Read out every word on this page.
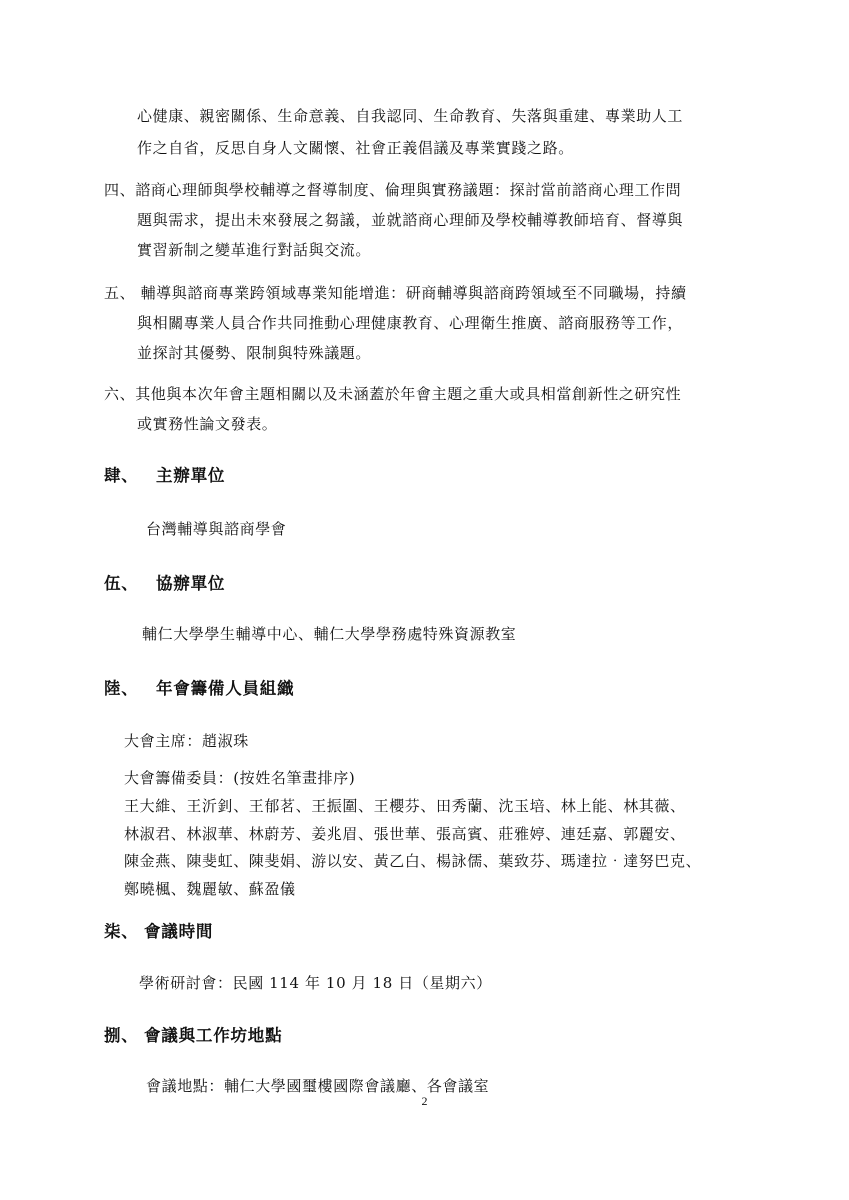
心健康、親密關係、生命意義、自我認同、生命教育、失落與重建、專業助人工
作之自省，反思自身人文關懷、社會正義倡議及專業實踐之路。
四、諮商心理師與學校輔導之督導制度、倫理與實務議題：探討當前諮商心理工作問
題與需求，提出未來發展之芻議，並就諮商心理師及學校輔導教師培育、督導與
實習新制之變革進行對話與交流。
五、 輔導與諮商專業跨領域專業知能增進：研商輔導與諮商跨領域至不同職場，持續
與相關專業人員合作共同推動心理健康教育、心理衛生推廣、諮商服務等工作，
並探討其優勢、限制與特殊議題。
六、其他與本次年會主題相關以及未涵蓋於年會主題之重大或具相當創新性之研究性
或實務性論文發表。
肆、 主辦單位
台灣輔導與諮商學會
伍、 協辦單位
輔仁大學學生輔導中心、輔仁大學學務處特殊資源教室
陸、 年會籌備人員組織
大會主席：趙淑珠
大會籌備委員：(按姓名筆畫排序)
王大維、王沂釗、王郁茗、王振圍、王櫻芬、田秀蘭、沈玉培、林上能、林其薇、
林淑君、林淑華、林蔚芳、姜兆眉、張世華、張高賓、莊雅婷、連廷嘉、郭麗安、
陳金燕、陳斐虹、陳斐娟、游以安、黃乙白、楊詠儒、葉致芬、瑪達拉‧達努巴克、
鄭曉楓、魏麗敏、蘇盈儀
柒、 會議時間
學術研討會：民國 114 年 10 月 18 日（星期六）
捌、 會議與工作坊地點
會議地點：輔仁大學國璽樓國際會議廳、各會議室
2
